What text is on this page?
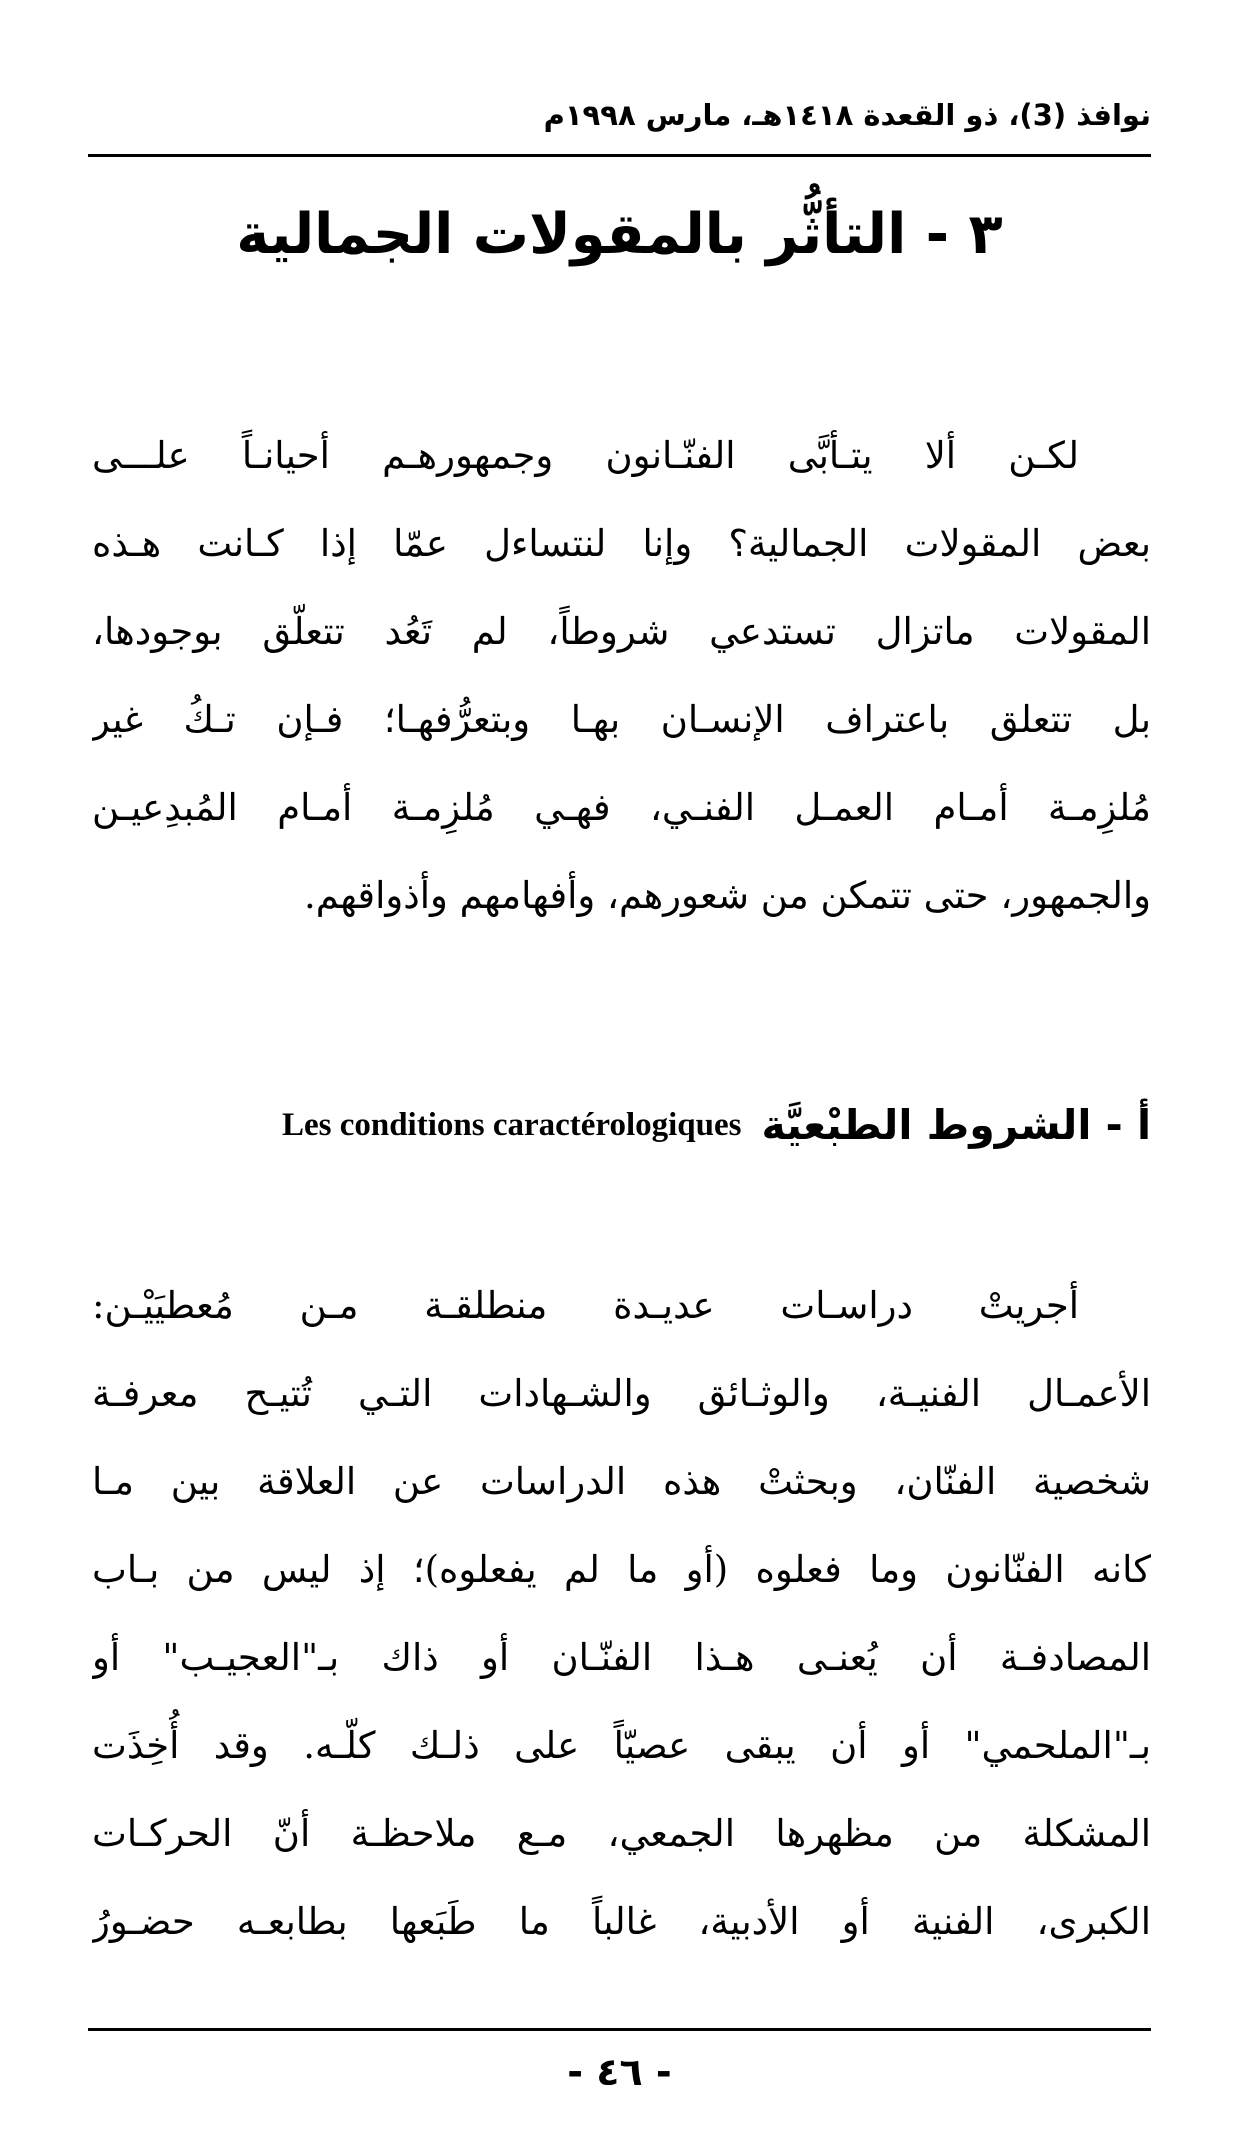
نوافذ (3)، ذو القعدة ١٤١٨هـ، مارس ١٩٩٨م
٣ - التأثُّر بالمقولات الجمالية
لكـن ألا يتـأبَّى الفنّـانون وجمهورهـم أحيانـاً علـــى
بعض المقولات الجمالية؟ وإنا لنتساءل عمّا إذا كـانت هـذه
المقولات ماتزال تستدعي شروطاً، لم تَعُد تتعلّق بوجودها،
بل تتعلق باعتراف الإنسـان بهـا وبتعرُّفهـا؛ فـإن تـكُ غير
مُلزِمـة أمـام العمـل الفنـي، فهـي مُلزِمـة أمـام المُبدِعيـن
والجمهور، حتى تتمكن من شعورهم، وأفهامهم وأذواقهم.
أ - الشروط الطبْعيَّة
Les conditions caractérologiques
أجريتْ دراسـات عديـدة منطلقـة مـن مُعطيَيْـن:
الأعمـال الفنيـة، والوثـائق والشـهادات التـي تُتيـح معرفـة
شخصية الفنّان، وبحثتْ هذه الدراسات عن العلاقة بين مـا
كانه الفنّانون وما فعلوه (أو ما لم يفعلوه)؛ إذ ليس من بـاب
المصادفـة أن يُعنـى هـذا الفنّـان أو ذاك بـ"العجيـب" أو
بـ"الملحمي" أو أن يبقى عصيّاً على ذلـك كلّـه. وقد أُخِذَت
المشكلة من مظهرها الجمعي، مـع ملاحظـة أنّ الحركـات
الكبرى، الفنية أو الأدبية، غالباً ما طَبَعها بطابعـه حضـورُ
- ٤٦ -
